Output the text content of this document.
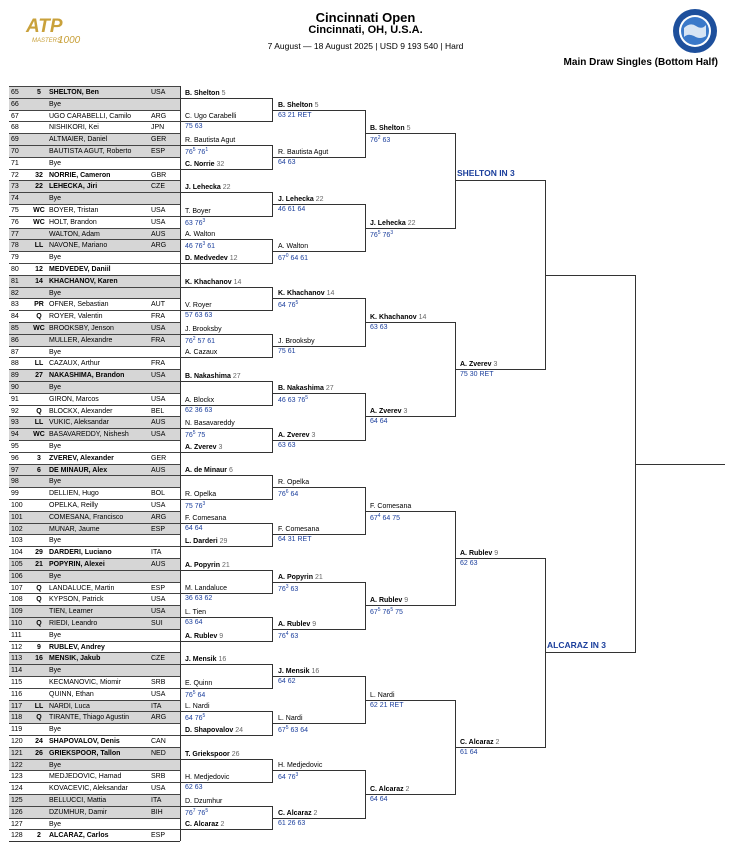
ATP
MASTERS
1000
Cincinnati Open
Cincinnati, OH, U.S.A.
7 August — 18 August 2025 | USD 9 193 540 | Hard
Main Draw Singles (Bottom Half)
65	5	SHELTON, Ben	USA
66	Bye
67	UGO CARABELLI, Camilo	ARG
68	NISHIKORI, Kei	JPN
69	ALTMAIER, Daniel	GER
70	BAUTISTA AGUT, Roberto	ESP
71	Bye
72	32 NORRIE, Cameron	GBR
73	22 LEHECKA, Jiri	CZE
74	Bye
75	WC BOYER, Tristan	USA
76	WC HOLT, Brandon	USA
77	WALTON, Adam	AUS
78	LL NAVONE, Mariano	ARG
79	Bye
80	12 MEDVEDEV, Daniil
81	14 KHACHANOV, Karen
82	Bye
83	PR OFNER, Sebastian	AUT
84	Q	ROYER, Valentin	FRA
85	WC BROOKSBY, Jenson	USA
86	MULLER, Alexandre	FRA
87	Bye
88	LL CAZAUX, Arthur	FRA
89	27 NAKASHIMA, Brandon	USA
90	Bye
91	GIRON, Marcos	USA
92	Q	BLOCKX, Alexander	BEL
93	LL VUKIC, Aleksandar	AUS
94	WC BASAVAREDDY, Nishesh	USA
95	Bye
96	3	ZVEREV, Alexander	GER
97	6	DE MINAUR, Alex	AUS
98	Bye
99	DELLIEN, Hugo	BOL
100	OPELKA, Reilly	USA
101	COMESANA, Francisco	ARG
102	MUNAR, Jaume	ESP
103	Bye
104	29 DARDERI, Luciano	ITA
105	21 POPYRIN, Alexei	AUS
106	Bye
107	Q	LANDALUCE, Martin	ESP
108	Q	KYPSON, Patrick	USA
109	TIEN, Learner	USA
110	Q	RIEDI, Leandro	SUI
111	Bye
112	9	RUBLEV, Andrey
113	16 MENSIK, Jakub	CZE
114	Bye
115	KECMANOVIC, Miomir	SRB
116	QUINN, Ethan	USA
117	LL NARDI, Luca	ITA
118	Q	TIRANTE, Thiago Agustin	ARG
119	Bye
120	24 SHAPOVALOV, Denis	CAN
121	26 GRIEKSPOOR, Tallon	NED
122	Bye
123	MEDJEDOVIC, Hamad	SRB
124	KOVACEVIC, Aleksandar	USA
125	BELLUCCI, Mattia	ITA
126	DZUMHUR, Damir	BIH
127	Bye
128	2	ALCARAZ, Carlos	ESP
B. Shelton 5
C. Ugo Carabelli
75 63
R. Bautista Agut
$76^5$ $76^1$
C. Norrie 32
J. Lehecka 22
T. Boyer
63 $76^3$
A. Walton
46 $76^3$ 61
D. Medvedev 12
K. Khachanov 14
V. Royer
57 63 63
J. Brooksby
$76^2$ 57 61
A. Cazaux
B. Nakashima 27
A. Blockx
62 36 63
N. Basavareddy
$76^5$ 75
A. Zverev 3
A. de Minaur 6
R. Opelka
75 $76^3$
F. Comesana
64 64
L. Darderi 29
A. Popyrin 21
M. Landaluce
36 63 62
L. Tien
63 64
A. Rublev 9
J. Mensik 16
E. Quinn
$76^5$ 64
L. Nardi
64 $76^5$
D. Shapovalov 24
T. Griekspoor 26
H. Medjedovic
62 63
D. Dzumhur
$76^7$ $76^5$
C. Alcaraz 2
B. Shelton 5
63 21 RET
R. Bautista Agut
64 63
J. Lehecka 22
46 61 64
A. Walton
$67^0$ 64 61
K. Khachanov 14
64 $76^5$
J. Brooksby
75 61
B. Nakashima 27
46 63 $76^5$
A. Zverev 3
63 63
R. Opelka
$76^6$ 64
F. Comesana
64 31 RET
A. Popyrin 21
$76^3$ 63
A. Rublev 9
$76^4$ 63
J. Mensik 16
64 62
L. Nardi
$67^5$ 63 64
H. Medjedovic
64 $76^3$
C. Alcaraz 2
61 26 63
B. Shelton 5
$76^2$ 63
J. Lehecka 22
$76^5$ $76^3$
K. Khachanov 14
63 63
A. Zverev 3
64 64
F. Comesana
$67^4$ 64 75
A. Rublev 9
$67^5$ $76^5$ 75
L. Nardi
62 21 RET
C. Alcaraz 2
64 64
SHELTON IN 3
ALCARAZ IN 3
A. Zverev 3
75 30 RET
A. Rublev 9
62 63
C. Alcaraz 2
61 64
